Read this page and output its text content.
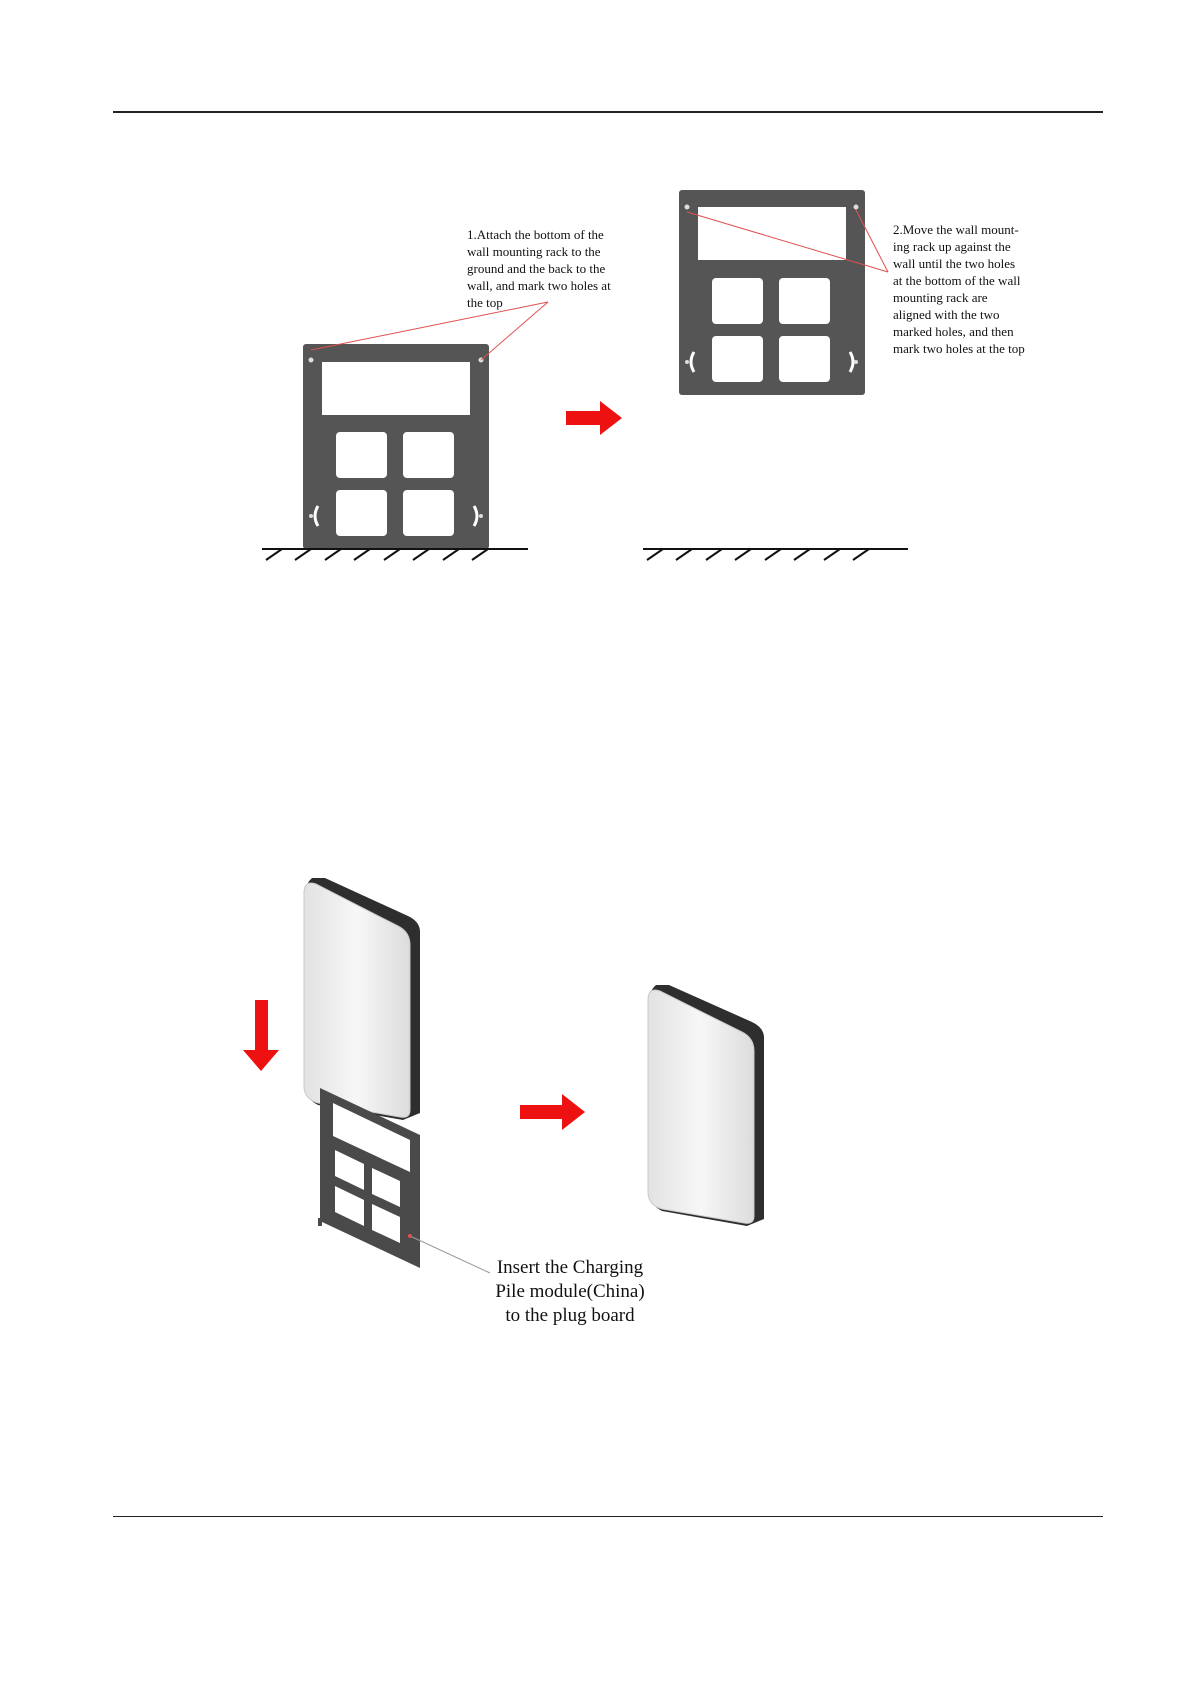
1.Attach the bottom of the
wall mounting rack to the
ground and the back to the
wall, and mark two holes at
the top
2.Move the wall mount-
ing rack up against the
wall until the two holes
at the bottom of the wall
mounting rack are
aligned with the two
marked holes, and then
mark two holes at the top
Insert the Charging
Pile module(China)
to the plug board
